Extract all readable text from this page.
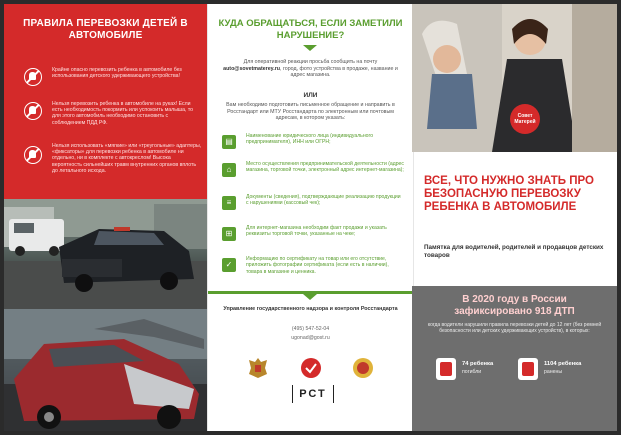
ПРАВИЛА ПЕРЕВОЗКИ ДЕТЕЙ В АВТОМОБИЛЕ
Крайне опасно перевозить ребенка в автомобиле без использования детского удерживающего устройства!
Нельзя перевозить ребенка в автомобиле на руках! Если есть необходимость покормить или успокоить малыша, то для этого автомобиль необходимо остановить с соблюдением ПДД РФ.
Нельзя использовать «мягкие» или «треугольные» адаптеры, «фиксаторы» для перевозки ребенка в автомобиле ни отдельно, ни в комплекте с автокреслом! Высока вероятность сильнейших травм внутренних органов вплоть до летального исхода.
КУДА ОБРАЩАТЬСЯ, ЕСЛИ ЗАМЕТИЛИ НАРУШЕНИЕ?
Для оперативной реакции просьба сообщить на почту auto@sovetmaterey.ru, город, фото устройства в продаже, название и адрес магазина.
ИЛИ
Вам необходимо подготовить письменное обращение и направить в Росстандарт или МТУ Росстандарта по электронным или почтовым адресам, в котором указать:
▤
Наименование юридического лица (индивидуального предпринимателя), ИНН или ОГРН;
⌂
Место осуществления предпринимательской деятельности (адрес магазина, торговой точки, электронный адрес интернет-магазина);
≡
Документы (сведения), подтверждающие реализацию продукции с нарушениями (кассовый чек);
⊞
Для интернет-магазина необходим факт продажи и указать реквизиты торговой точки, указанные на чеке;
✓
Информацию по сертификату на товар или его отсутствие, приложить фотографии сертификата (если есть в наличии), товара в магазине и ценника.
Управление государственного надзора и контроля Росстандарта
(495) 547-52-04
ugonad@gost.ru
РСТ
Совет Матерей
ВСЕ, ЧТО НУЖНО ЗНАТЬ ПРО БЕЗОПАСНУЮ ПЕРЕВОЗКУ РЕБЕНКА В АВТОМОБИЛЕ
Памятка для водителей, родителей и продавцов детских товаров
В 2020 году в России зафиксировано 918 ДТП
когда водители нарушили правила перевозки детей до 12 лет (без ремней безопасности или детских удерживающих устройств), в которых:
74 ребенка
погибли
1104 ребенка
ранены
